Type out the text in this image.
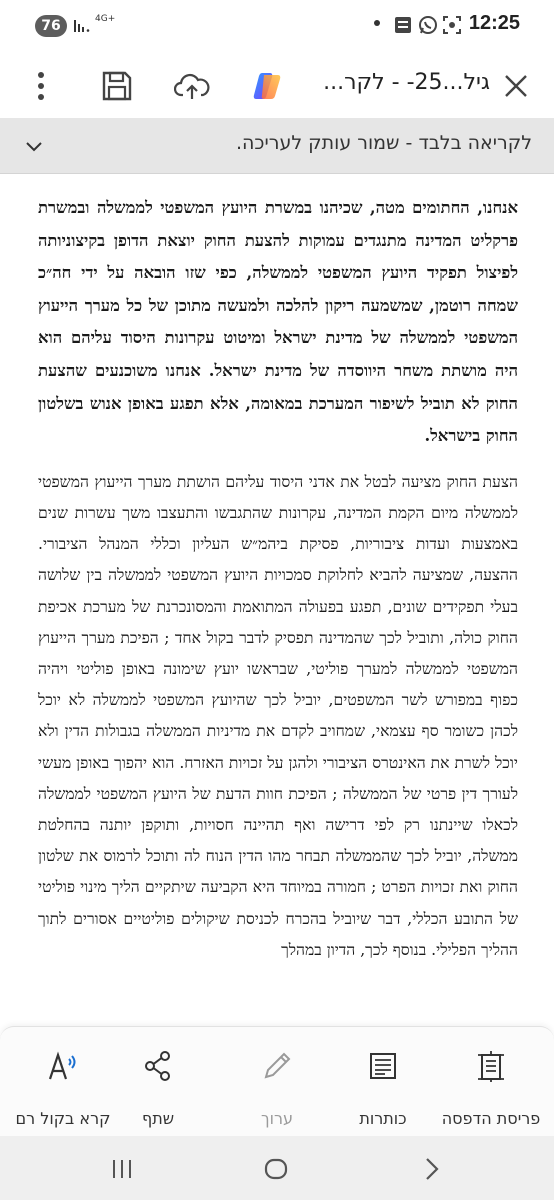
76	4G+	12:25
גיל...25- - לקר...
לקריאה בלבד - שמור עותק לעריכה.

אנחנו, החתומים מטה, שכיהנו במשרת היועץ המשפטי לממשלה ובמשרת פרקליט המדינה מתנגדים עמוקות להצעת החוק יוצאת הדופן בקיצוניותה לפיצול תפקיד היועץ המשפטי לממשלה, כפי שזו הובאה על ידי חה״כ שמחה רוטמן, שמשמעה ריקון להלכה ולמעשה מתוכן של כל מערך הייעוץ המשפטי לממשלה של מדינת ישראל ומיטוט עקרונות היסוד עליהם הוא היה מושתת משחר היווסדה של מדינת ישראל. אנחנו משוכנעים שהצעת החוק לא תוביל לשיפור המערכת במאומה, אלא תפגע באופן אנוש בשלטון החוק בישראל.

הצעת החוק מציעה לבטל את אדני היסוד עליהם הושתת מערך הייעוץ המשפטי לממשלה מיום הקמת המדינה, עקרונות שהתגבשו והתעצבו משך עשרות שנים באמצעות ועדות ציבוריות, פסיקת ביהמ״ש העליון וכללי המנהל הציבורי. ההצעה, שמציעה להביא לחלוקת סמכויות היועץ המשפטי לממשלה בין שלושה בעלי תפקידים שונים, תפגע בפעולה המתואמת והמסונכרנת של מערכת אכיפת החוק כולה, ותוביל לכך שהמדינה תפסיק לדבר בקול אחד ; הפיכת מערך הייעוץ המשפטי לממשלה למערך פוליטי, שבראשו יועץ שימונה באופן פוליטי ויהיה כפוף במפורש לשר המשפטים, יוביל לכך שהיועץ המשפטי לממשלה לא יוכל לכהן כשומר סף עצמאי, שמחויב לקדם את מדיניות הממשלה בגבולות הדין ולא יוכל לשרת את האינטרס הציבורי ולהגן על זכויות האזרח. הוא יהפוך באופן מעשי לעורך דין פרטי של הממשלה ; הפיכת חוות הדעת של היועץ המשפטי לממשלה לכאלו שיינתנו רק לפי דרישה ואף תהיינה חסויות, ותוקפן יותנה בהחלטת ממשלה, יוביל לכך שהממשלה תבחר מהו הדין הנוח לה ותוכל לרמוס את שלטון החוק ואת זכויות הפרט ; חמורה במיוחד היא הקביעה שיתקיים הליך מינוי פוליטי של התובע הכללי, דבר שיוביל בהכרח לכניסת שיקולים פוליטיים אסורים לתוך ההליך הפלילי. בנוסף לכך, הדיון במהלך

קרא בקול רם	שתף	ערוך	כותרות	פריסת הדפסה
